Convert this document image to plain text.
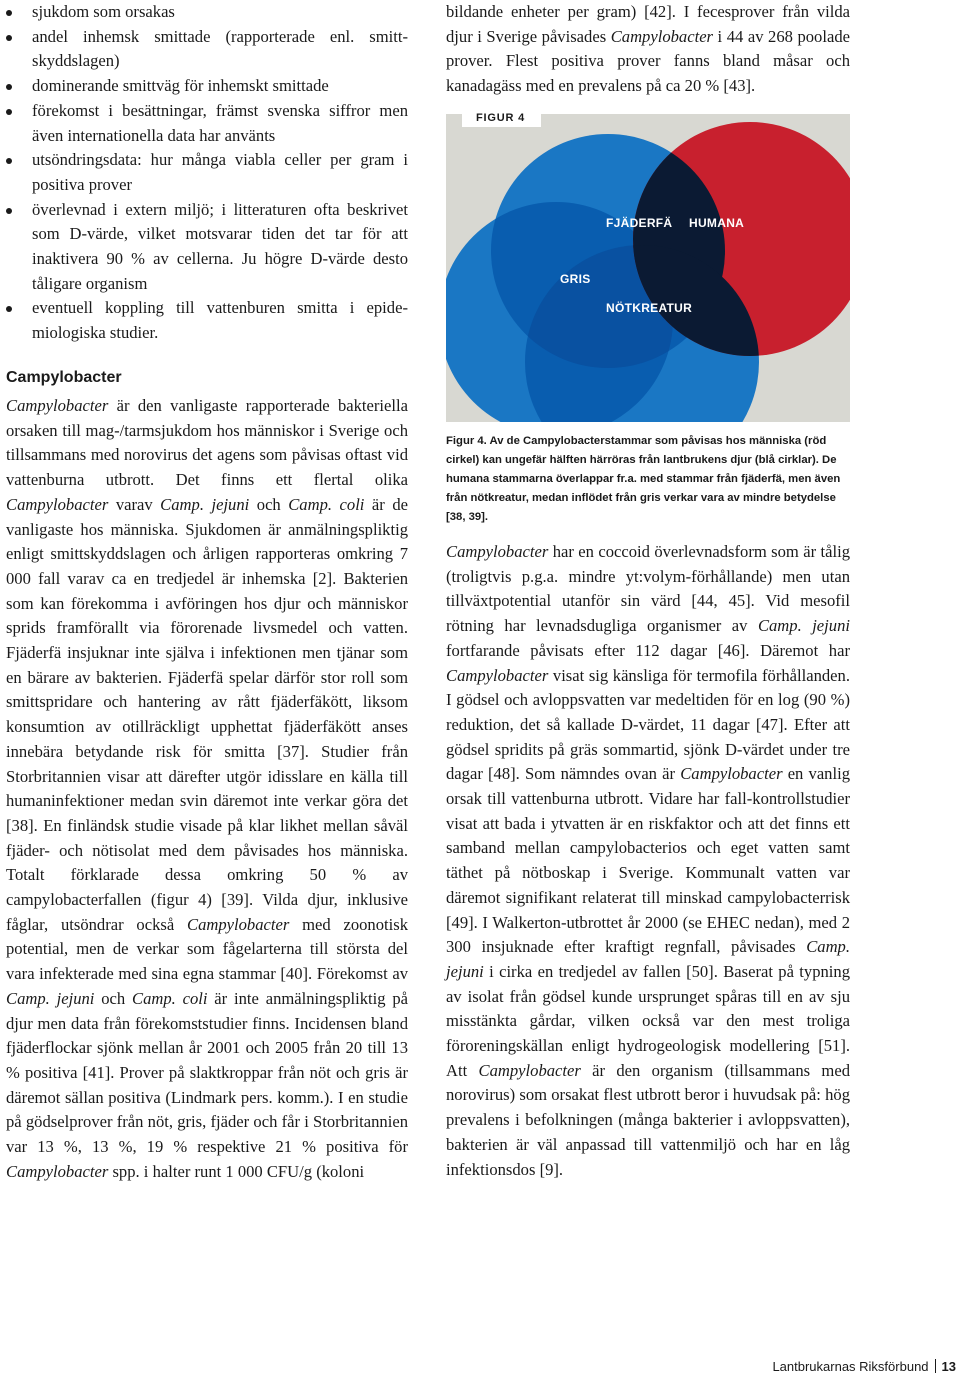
sjukdom som orsakas
andel inhemsk smittade (rapporterade enl. smittskyddslagen)
dominerande smittväg för inhemskt smittade
förekomst i besättningar, främst svenska siffror men även internationella data har använts
utsöndringsdata: hur många viabla celler per gram i positiva prover
överlevnad i extern miljö; i litteraturen ofta beskrivet som D-värde, vilket motsvarar tiden det tar för att inaktivera 90 % av cellerna. Ju högre D-värde desto tåligare organism
eventuell koppling till vattenburen smitta i epidemiologiska studier.
Campylobacter

Campylobacter är den vanligaste rapporterade bakteriella orsaken till mag-/tarmsjukdom hos människor i Sverige och tillsammans med norovirus det agens som påvisas oftast vid vattenburna utbrott. Det finns ett flertal olika Campylobacter varav Camp. jejuni och Camp. coli är de vanligaste hos människa. Sjukdomen är anmälningspliktig enligt smittskyddslagen och årligen rapporteras omkring 7 000 fall varav ca en tredjedel är inhemska [2]. Bakterien som kan förekomma i avföringen hos djur och människor sprids framförallt via förorenade livsmedel och vatten. Fjäderfä insjuknar inte själva i infektionen men tjänar som en bärare av bakterien. Fjäderfä spelar därför stor roll som smittspridare och hantering av rått fjäderfäkött, liksom konsumtion av otillräckligt upphettat fjäderfäkött anses innebära betydande risk för smitta [37]. Studier från Storbritannien visar att därefter utgör idisslare en källa till humaninfektioner medan svin däremot inte verkar göra det [38]. En finländsk studie visade på klar likhet mellan såväl fjäder- och nötisolat med dem påvisades hos människa. Totalt förklarade dessa omkring 50 % av campylobacterfallen (figur 4) [39]. Vilda djur, inklusive fåglar, utsöndrar också Campylobacter med zoonotisk potential, men de verkar som fågelarterna till största del vara infekterade med sina egna stammar [40]. Förekomst av Camp. jejuni och Camp. coli är inte anmälningspliktig på djur men data från förekomststudier finns. Incidensen bland fjäderflockar sjönk mellan år 2001 och 2005 från 20 till 13 % positiva [41]. Prover på slaktkroppar från nöt och gris är däremot sällan positiva (Lindmark pers. komm.). I en studie på gödselprover från nöt, gris, fjäder och får i Storbritannien var 13 %, 13 %, 19 % respektive 21 % positiva för Campylobacter spp. i halter runt 1 000 CFU/g (koloni

bildande enheter per gram) [42]. I fecesprover från vilda djur i Sverige påvisades Campylobacter i 44 av 268 poolade prover. Flest positiva prover fanns bland måsar och kanadagäss med en prevalens på ca 20 % [43].

FIGUR 4
GRIS
FJÄDERFÄ HUMANA
NÖTKREATUR
Figur 4. Av de Campylobacterstammar som påvisas hos människa (röd cirkel) kan ungefär hälften härröras från lantbrukens djur (blå cirklar). De humana stammarna överlappar fr.a. med stammar från fjäderfä, men även från nötkreatur, medan inflödet från gris verkar vara av mindre betydelse [38, 39].

Campylobacter har en coccoid överlevnadsform som är tålig (troligtvis p.g.a. mindre yt:volym-förhållande) men utan tillväxtpotential utanför sin värd [44, 45]. Vid mesofil rötning har levnadsdugliga organismer av Camp. jejuni fortfarande påvisats efter 112 dagar [46]. Däremot har Campylobacter visat sig känsliga för termofila förhållanden. I gödsel och avloppsvatten var medeltiden för en log (90 %) reduktion, det så kallade D-värdet, 11 dagar [47]. Efter att gödsel spridits på gräs sommartid, sjönk D-värdet under tre dagar [48]. Som nämndes ovan är Campylobacter en vanlig orsak till vattenburna utbrott. Vidare har fall-kontrollstudier visat att bada i ytvatten är en riskfaktor och att det finns ett samband mellan campylobacterios och eget vatten samt täthet på nötboskap i Sverige. Kommunalt vatten var däremot signifikant relaterat till minskad campylobacterrisk [49]. I Walkerton-utbrottet år 2000 (se EHEC nedan), med 2 300 insjuknade efter kraftigt regnfall, påvisades Camp. jejuni i cirka en tredjedel av fallen [50]. Baserat på typning av isolat från gödsel kunde ursprunget spåras till en av sju misstänkta gårdar, vilken också var den mest troliga föroreningskällan enligt hydrogeologisk modellering [51]. Att Campylobacter är den organism (tillsammans med norovirus) som orsakat flest utbrott beror i huvudsak på: hög prevalens i befolkningen (många bakterier i avloppsvatten), bakterien är väl anpassad till vattenmiljö och har en låg infektionsdos [9].

Lantbrukarnas Riksförbund 13
